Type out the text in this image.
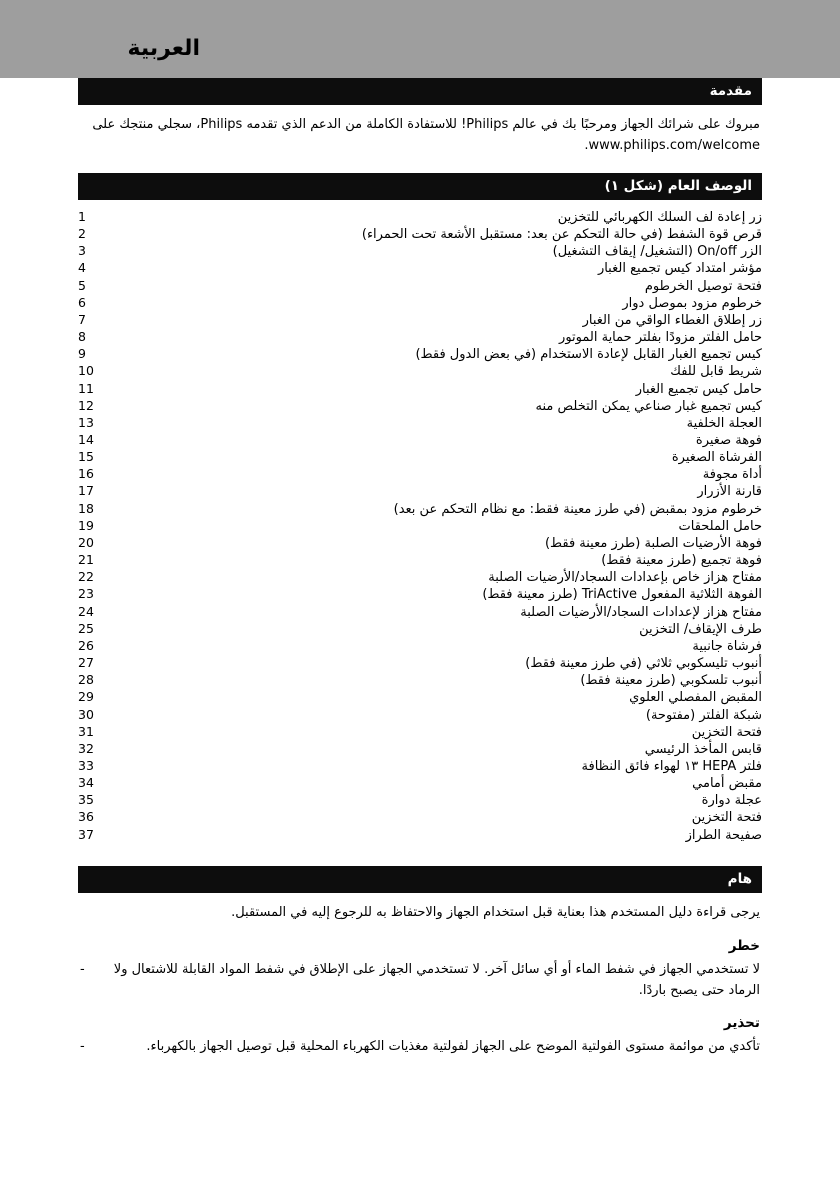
العربية
مقدمة
مبروك على شرائك الجهاز ومرحبًا بك في عالم Philips! للاستفادة الكاملة من الدعم الذي تقدمه Philips، سجلي منتجك على
www.philips.com/welcome.
الوصف العام (شكل ١)
زر إعادة لف السلك الكهربائي للتخزين
1
قرص قوة الشفط (في حالة التحكم عن بعد: مستقبل الأشعة تحت الحمراء)
2
الزر On/off (التشغيل/ إيقاف التشغيل)
3
مؤشر امتداد كيس تجميع الغبار
4
فتحة توصيل الخرطوم
5
خرطوم مزود بموصل دوار
6
زر إطلاق الغطاء الواقي من الغبار
7
حامل الفلتر مزودًا بفلتر حماية الموتور
8
كيس تجميع الغبار القابل لإعادة الاستخدام (في بعض الدول فقط)
9
شريط قابل للفك
10
حامل كيس تجميع الغبار
11
كيس تجميع غبار صناعي يمكن التخلص منه
12
العجلة الخلفية
13
فوهة صغيرة
14
الفرشاة الصغيرة
15
أداة مجوفة
16
قارنة الأزرار
17
خرطوم مزود بمقبض (في طرز معينة فقط: مع نظام التحكم عن بعد)
18
حامل الملحقات
19
فوهة الأرضيات الصلبة (طرز معينة فقط)
20
فوهة تجميع (طرز معينة فقط)
21
مفتاح هزاز خاص بإعدادات السجاد/الأرضيات الصلبة
22
الفوهة الثلاثية المفعول TriActive (طرز معينة فقط)
23
مفتاح هزاز لإعدادات السجاد/الأرضيات الصلبة
24
طرف الإيقاف/ التخزين
25
فرشاة جانبية
26
أنبوب تليسكوبي ثلاثي (في طرز معينة فقط)
27
أنبوب تلسكوبي (طرز معينة فقط)
28
المقبض المفصلي العلوي
29
شبكة الفلتر (مفتوحة)
30
فتحة التخزين
31
قابس المأخذ الرئيسي
32
فلتر HEPA ١٣ لهواء فائق النظافة
33
مقبض أمامي
34
عجلة دوارة
35
فتحة التخزين
36
صفيحة الطراز
37
هام
يرجى قراءة دليل المستخدم هذا بعناية قبل استخدام الجهاز والاحتفاظ به للرجوع إليه في المستقبل.
خطر
لا تستخدمي الجهاز في شفط الماء أو أي سائل آخر. لا تستخدمي الجهاز على الإطلاق في شفط المواد القابلة للاشتعال ولا
الرماد حتى يصبح باردًا.
-
تحذير
تأكدي من موائمة مستوى الفولتية الموضح على الجهاز لفولتية مغذيات الكهرباء المحلية قبل توصيل الجهاز بالكهرباء.
-
